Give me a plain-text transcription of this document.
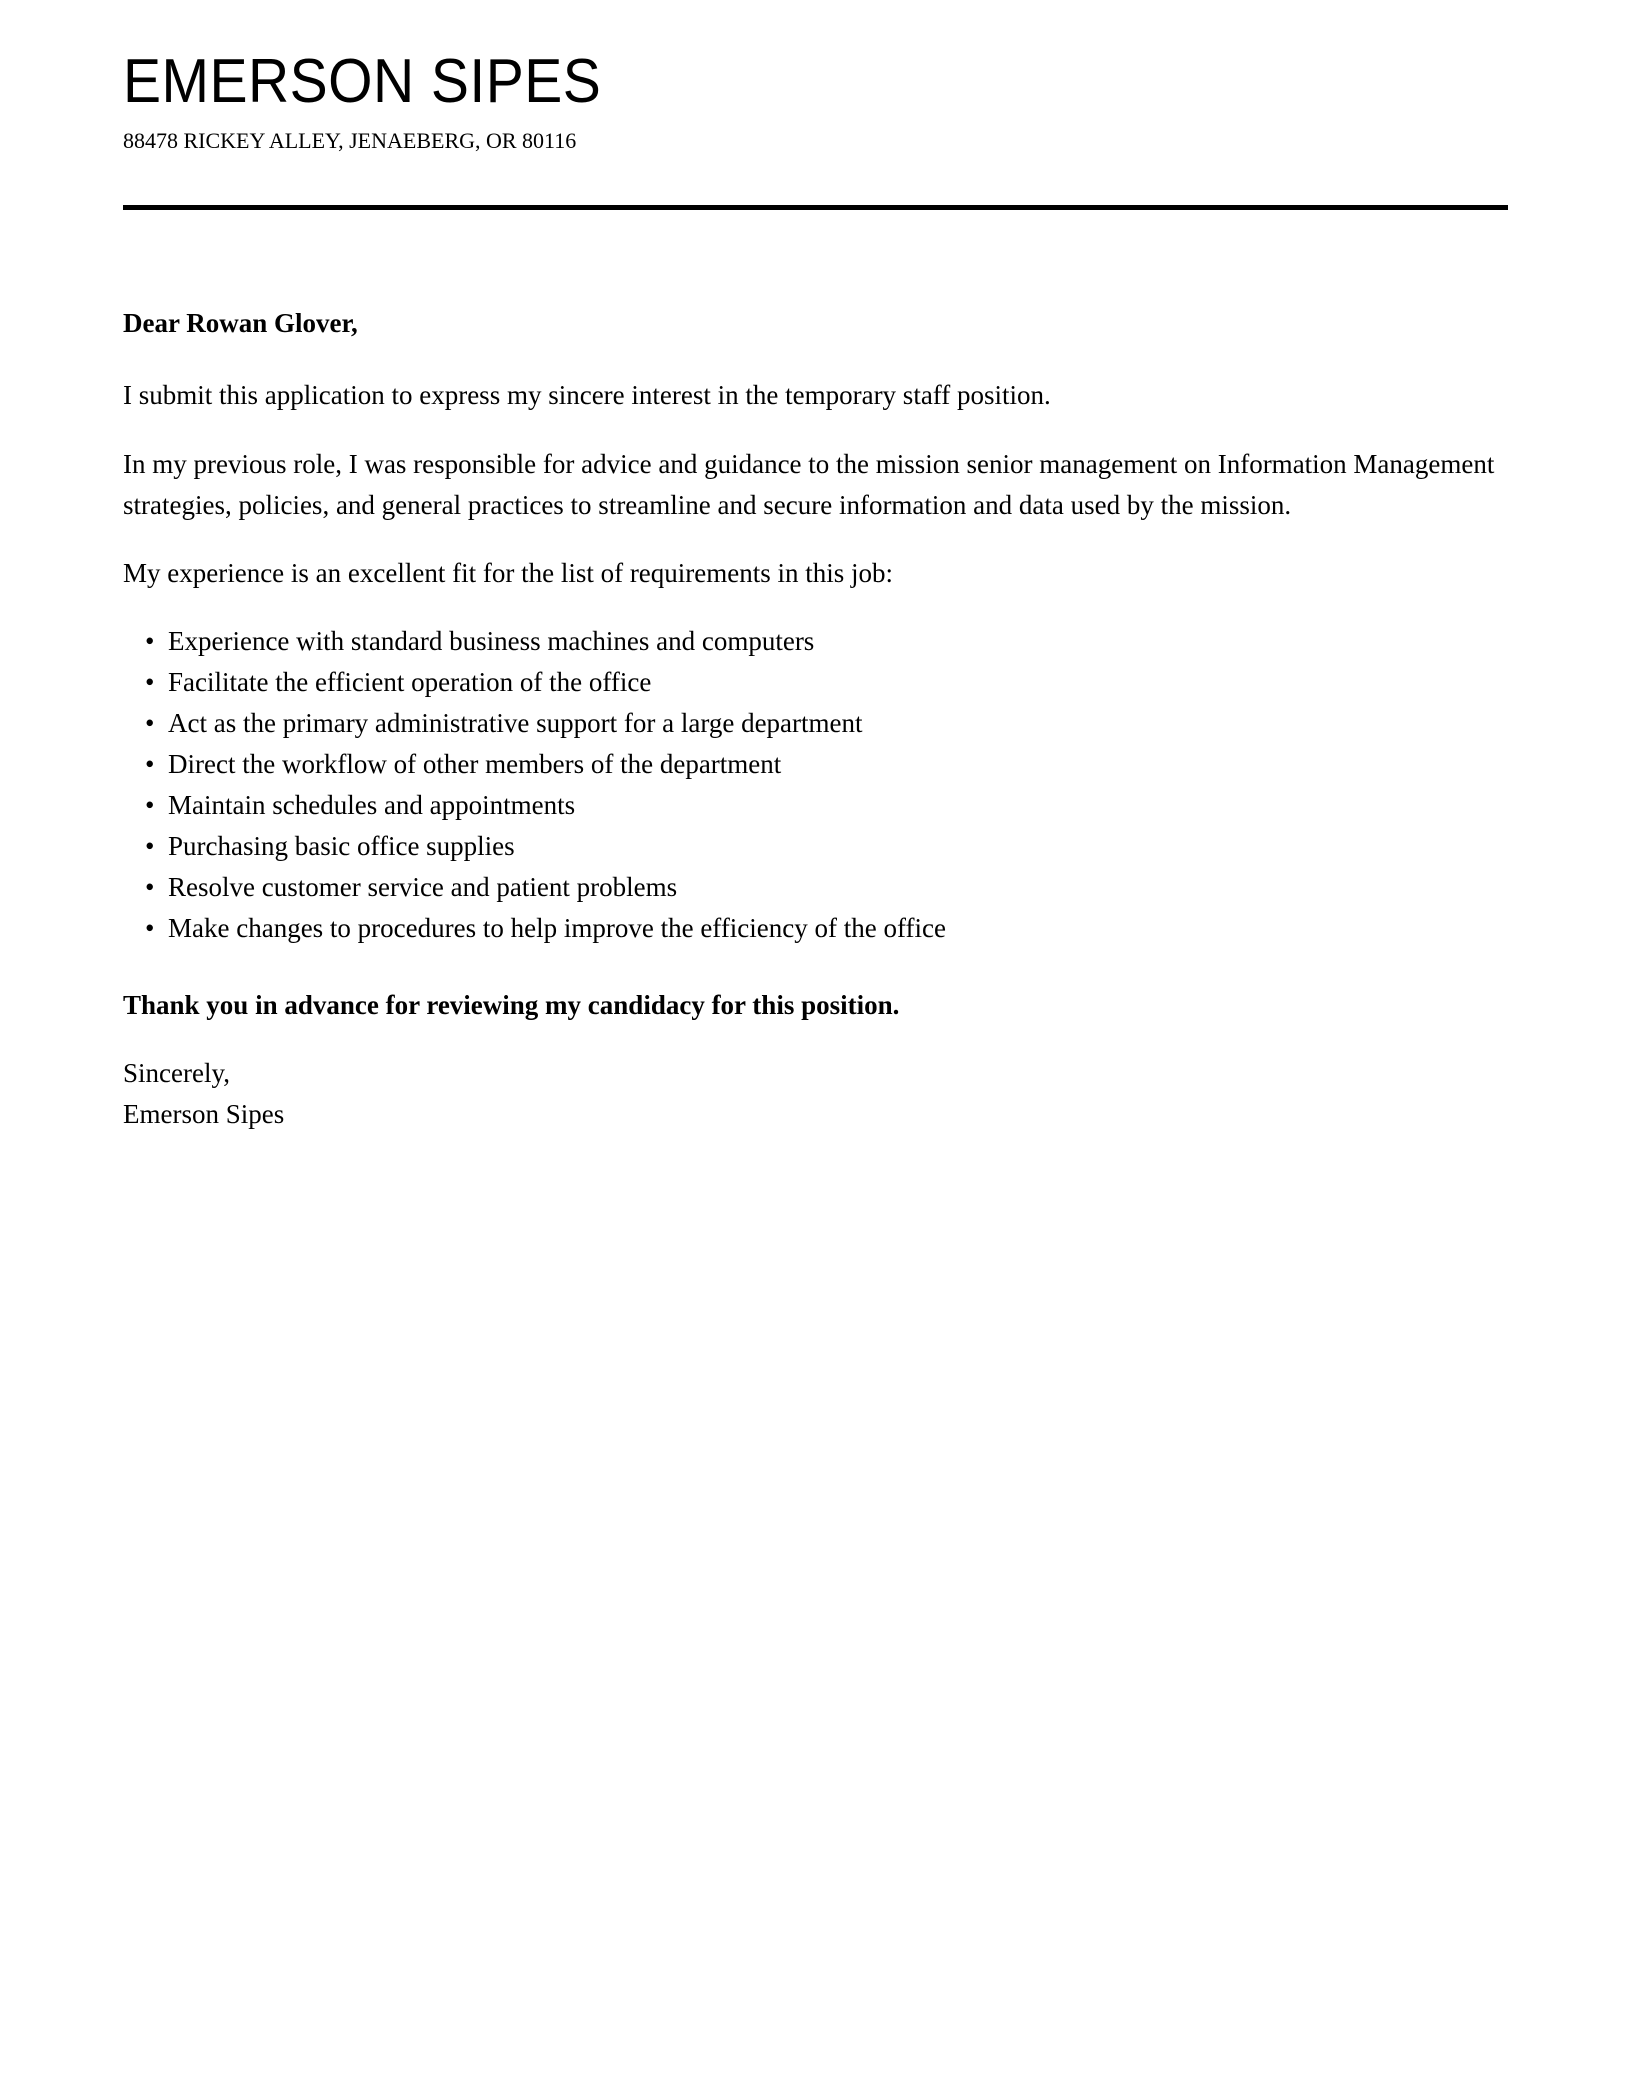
EMERSON SIPES
88478 RICKEY ALLEY, JENAEBERG, OR 80116

Dear Rowan Glover,

I submit this application to express my sincere interest in the temporary staff position.

In my previous role, I was responsible for advice and guidance to the mission senior management on Information Management strategies, policies, and general practices to streamline and secure information and data used by the mission.

My experience is an excellent fit for the list of requirements in this job:

• Experience with standard business machines and computers
• Facilitate the efficient operation of the office
• Act as the primary administrative support for a large department
• Direct the workflow of other members of the department
• Maintain schedules and appointments
• Purchasing basic office supplies
• Resolve customer service and patient problems
• Make changes to procedures to help improve the efficiency of the office

Thank you in advance for reviewing my candidacy for this position.

Sincerely,
Emerson Sipes
